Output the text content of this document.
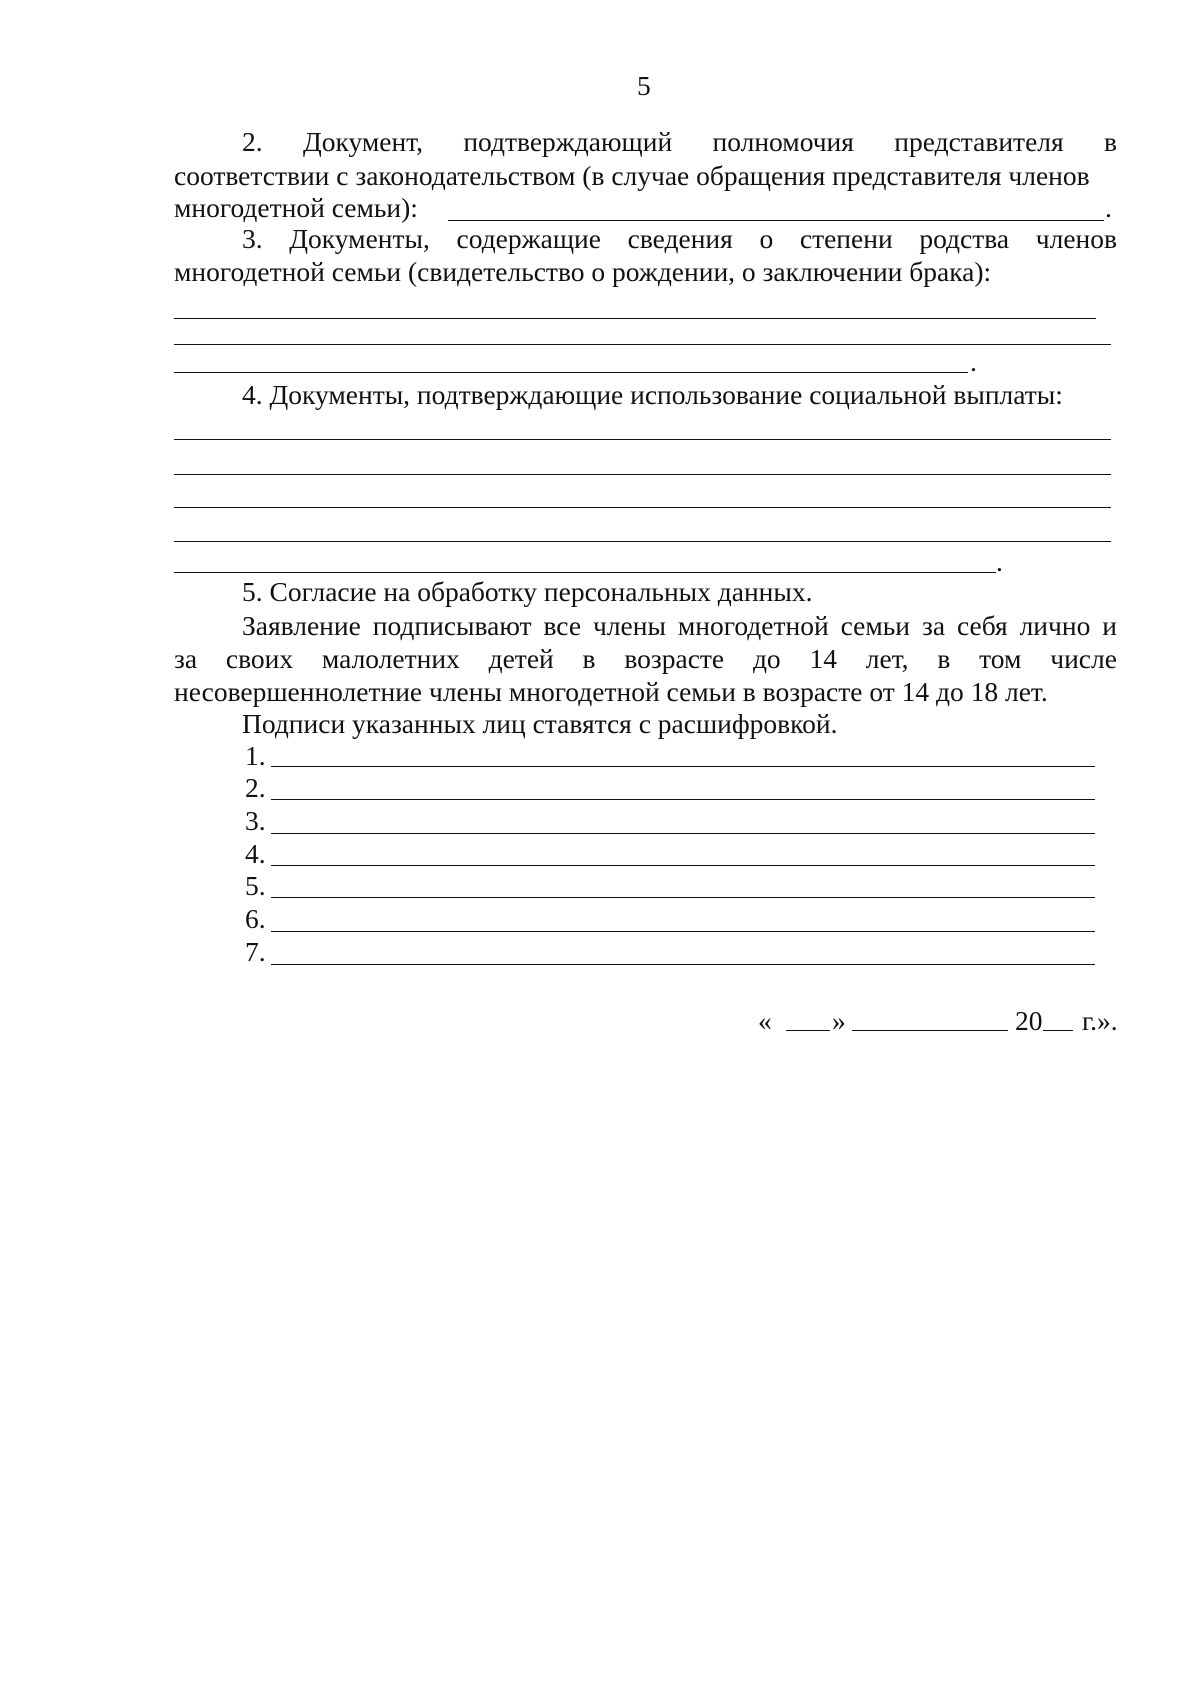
5
2. Документ, подтверждающий полномочия представителя в
соответствии с законодательством (в случае обращения представителя членов
многодетной семьи):	.
3. Документы, содержащие сведения о степени родства членов
многодетной семьи (свидетельство о рождении, о заключении брака):
.
4. Документы, подтверждающие использование социальной выплаты:
.
5. Согласие на обработку персональных данных.
Заявление подписывают все члены многодетной семьи за себя лично и
за своих малолетних детей в возрасте до 14 лет, в том числе
несовершеннолетние члены многодетной семьи в возрасте от 14 до 18 лет.
Подписи указанных лиц ставятся с расшифровкой.
1.
2.
3.
4.
5.
6.
7.
« »	20 г.».
